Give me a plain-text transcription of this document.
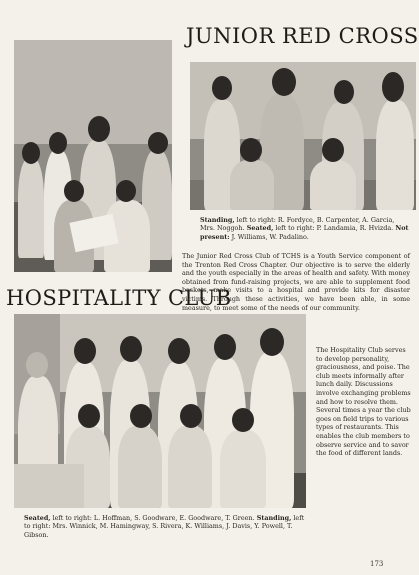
JUNIOR RED CROSS
Standing, left to right: R. Fordyce, B. Carpenter, A. Garcia, Mrs. Noggoh. Seated, left to right: P. Landamia, R. Hvizda. Not present: J. Williams, W. Padalino.
The Junior Red Cross Club of TCHS is a Youth Service component of the Trenton Red Cross Chapter. Our objective is to serve the elderly and the youth especially in the areas of health and safety. With money obtained from fund-raising projects, we are able to supplement food baskets, make visits to a hospital and provide kits for disaster victims. Through these activities, we have been able, in some measure, to meet some of the needs of our community.
HOSPITALITY CLUB
The Hospitality Club serves to develop personality, graciousness, and poise. The club meets informally after lunch daily. Discussions involve exchanging problems and how to resolve them. Several times a year the club goes on field trips to various types of restaurants. This enables the club members to observe service and to savor the food of different lands.
Seated, left to right: L. Hoffman, S. Goodware, E. Goodware, T. Green. Standing, left to right: Mrs. Winnick, M. Hamingway, S. Rivera, K. Williams, J. Davis, Y. Powell, T. Gibson.
173
